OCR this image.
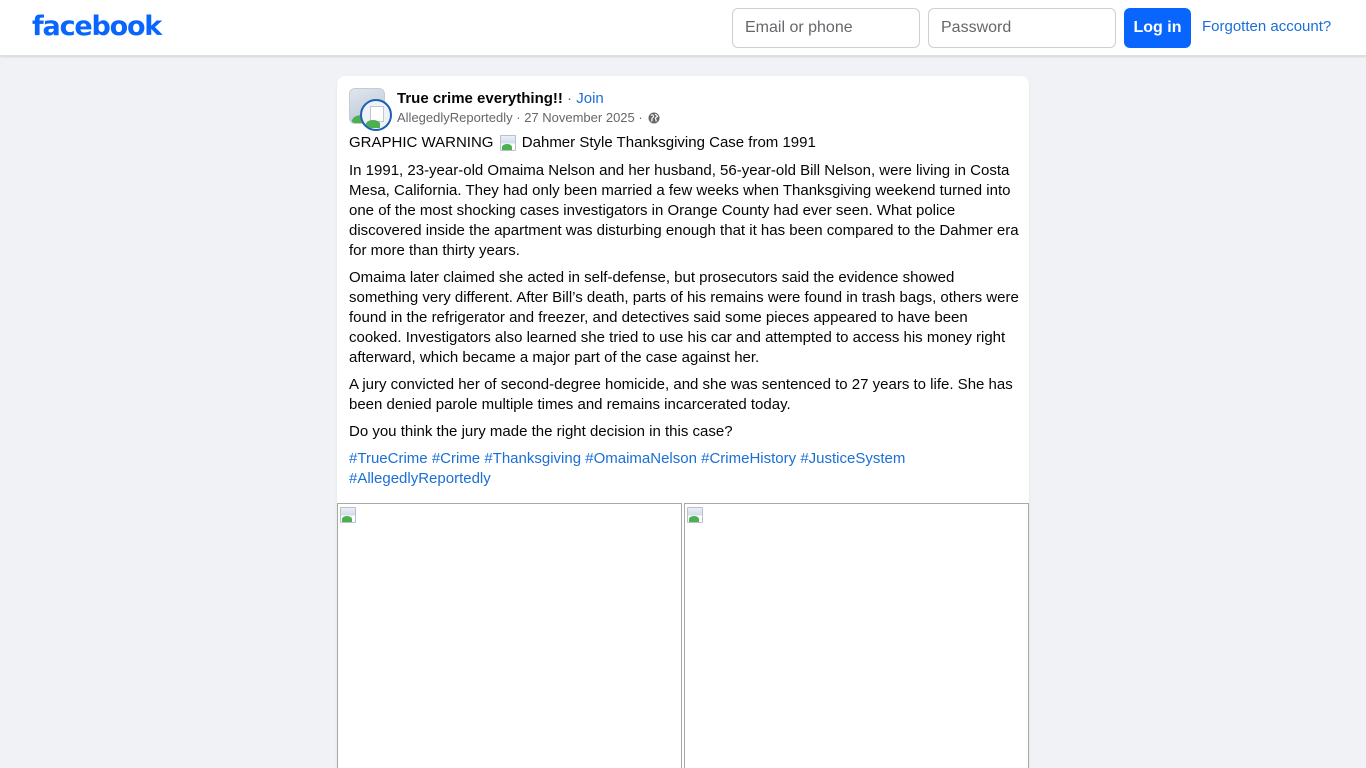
facebook
Email or phone	Log in	Forgotten account?
True crime everything!! · Join
AllegedlyReportedly · 27 November 2025 ·

GRAPHIC WARNING Dahmer Style Thanksgiving Case from 1991

In 1991, 23-year-old Omaima Nelson and her husband, 56-year-old Bill Nelson, were living in Costa Mesa, California. They had only been married a few weeks when Thanksgiving weekend turned into one of the most shocking cases investigators in Orange County had ever seen. What police discovered inside the apartment was disturbing enough that it has been compared to the Dahmer era for more than thirty years.

Omaima later claimed she acted in self-defense, but prosecutors said the evidence showed something very different. After Bill’s death, parts of his remains were found in trash bags, others were found in the refrigerator and freezer, and detectives said some pieces appeared to have been cooked. Investigators also learned she tried to use his car and attempted to access his money right afterward, which became a major part of the case against her.

A jury convicted her of second-degree homicide, and she was sentenced to 27 years to life. She has been denied parole multiple times and remains incarcerated today.

Do you think the jury made the right decision in this case?

#TrueCrime #Crime #Thanksgiving #OmaimaNelson #CrimeHistory #JusticeSystem #AllegedlyReportedly
